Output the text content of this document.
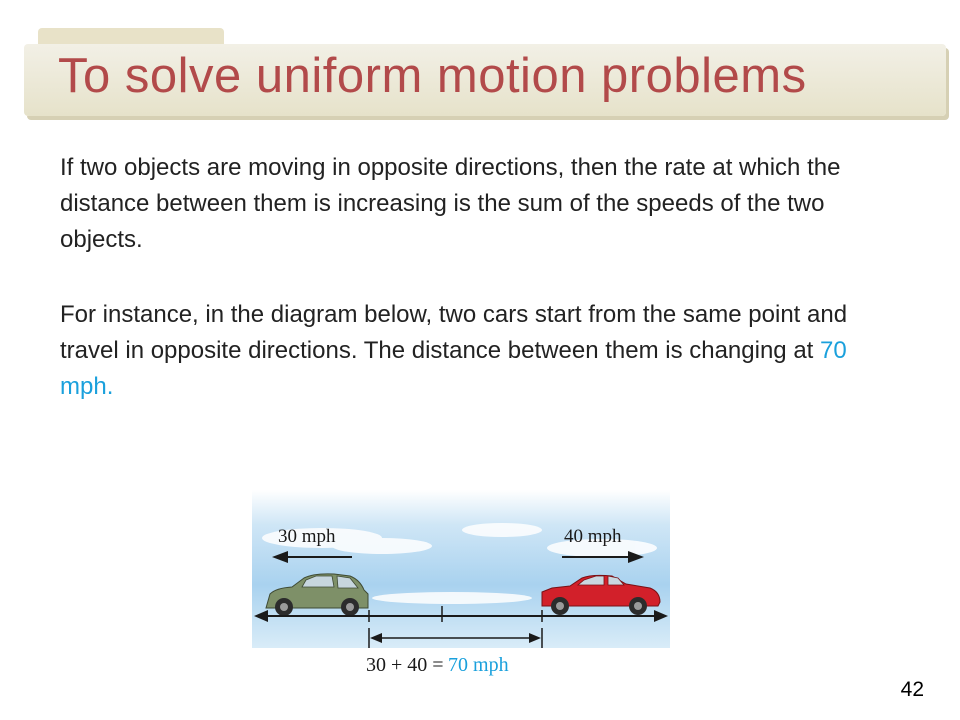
To solve uniform motion problems
If two objects are moving in opposite directions, then the rate at which the distance between them is increasing is the sum of the speeds of the two objects.
For instance, in the diagram below, two cars start from the same point and travel in opposite directions. The distance between them is changing at 70 mph.
30 mph	40 mph
30 + 40 = 70 mph
42
